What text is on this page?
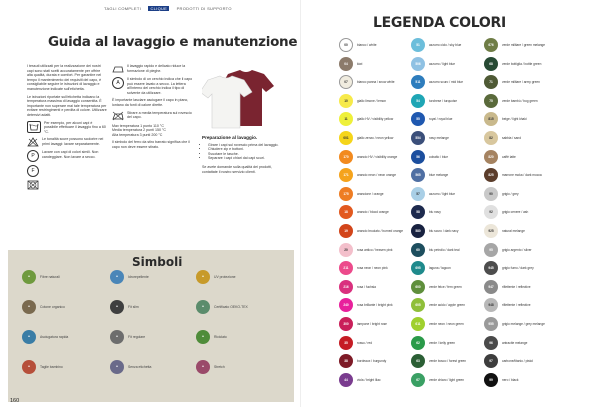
TAGLI COMPLETI CLIQUE PRODOTTI DI SUPPORTO
Guida al lavaggio e manutenzione

I tessuti utilizzati per la realizzazione dei nostri capi sono stati scelti accuratamente per offrire alta qualità, durata e comfort. Per garantire nel tempo il mantenimento dei requisiti del capo, è consigliabile seguire le istruzioni di lavaggio e manutenzione indicate sull'etichetta.

Le istruzioni riportate sull'etichetta indicano la temperatura massima di lavaggio consentita. È importante non superare mai tale temperatura per evitare restringimenti e perdita di colore. Utilizzare detersivi adatti.

Per esempio, per alcuni capi è possibile effettuare il lavaggio fino a 60 °C.

Le tonalità scure possono scolorire nei primi lavaggi: lavare separatamente.

P

Lavare con capi di colori simili. Non candeggiare. Non lavare a secco.

F

Il lavaggio rapido e delicato riduce la formazione di pieghe.

A

Il simbolo di un cerchio indica che il capo può essere lavato a secco. La lettera all'interno del cerchio indica il tipo di solvente da utilizzare.

È importante lasciare asciugare il capo in piano, lontano da fonti di calore dirette.

Stirare a media temperatura sul rovescio del capo.

Max temperatura 1 punto 110 °C

Media temperatura 2 punti 150 °C

Alta temperatura 3 punti 200 °C

Il simbolo del ferro da stiro barrato significa che il capo non deve essere stirato.

Preparazione al lavaggio.
• Girare i capi sul rovescio prima del lavaggio.
• Chiudere zip e bottoni.
• Svuotare le tasche.
• Separare i capi chiari dai capi scuri.

Se avete domande sulla qualità dei prodotti, contattate il nostro servizio clienti.

Simboli
•	Fibre naturali	•	Idrorepellente	•	UV protezione
•	Cotone organico	•	Fit slim	•	Certificato OEKO-TEX
•	Asciugatura rapida	•	Fit regolare	•	Riciclato
•	Taglie bambino	•	Senza etichetta	•	Stretch
160
LEGENDA COLORI
00	bianco / white
04	kiwi
07	bianco panna / snow white
10	giallo limone / lemon
11	giallo HV / visibility yellow
001	giallo zenzo / neon yellow
170	arancio HV / visibility orange
171	arancio neon / neon orange
175	arancione / orange
18	arancio / blood orange
19	arancio bruciato / burned orange
20	rosa antico / heaven pink
211	rosa neon / neon pink
216	rosa / fuchsia
240	rosa brillante / bright pink
300	lampone / bright rose
35	rosso / red
38	bordeaux / burgundy
44	viola / bright lilac
51	azzurro ciclo / sky blue
506	azzurro / light blue
511	azzurro scuro / mid blue
54	turchese / turquoise
55	royal / royal blue
554	navy melange
56	cobalto / blue
565	blue melange
57	azzurro / light blue
58	blu navy
580	blu scuro / dark navy
60	blu petrolio / dark teal
695	laguna / lagoon
600	verde felce / fern green
605	verde acido / apple green
611	verde neon / neon green
62	verde / kelly green
63	verde bosco / forest green
67	verde chiaro / light green
676	verde militare / green melange
68	verde bottiglia / bottle green
71	verde militare / army green
75	verde bambù / bog green
815	beige / light khaki
82	sabbia / sand
820	caffè latte
825	marrone moka / dark mocca
90	grigio / grey
92	grigio cenere / ash
925	natural melange
95	grigio argento / silver
945	grigio fumo / dark grey
947	riflettente / reflective
948	riflettente / reflective
955	grigio melange / grey melange
96	antracite melange
97	carbone/titanio / pistol
99	nero / black
